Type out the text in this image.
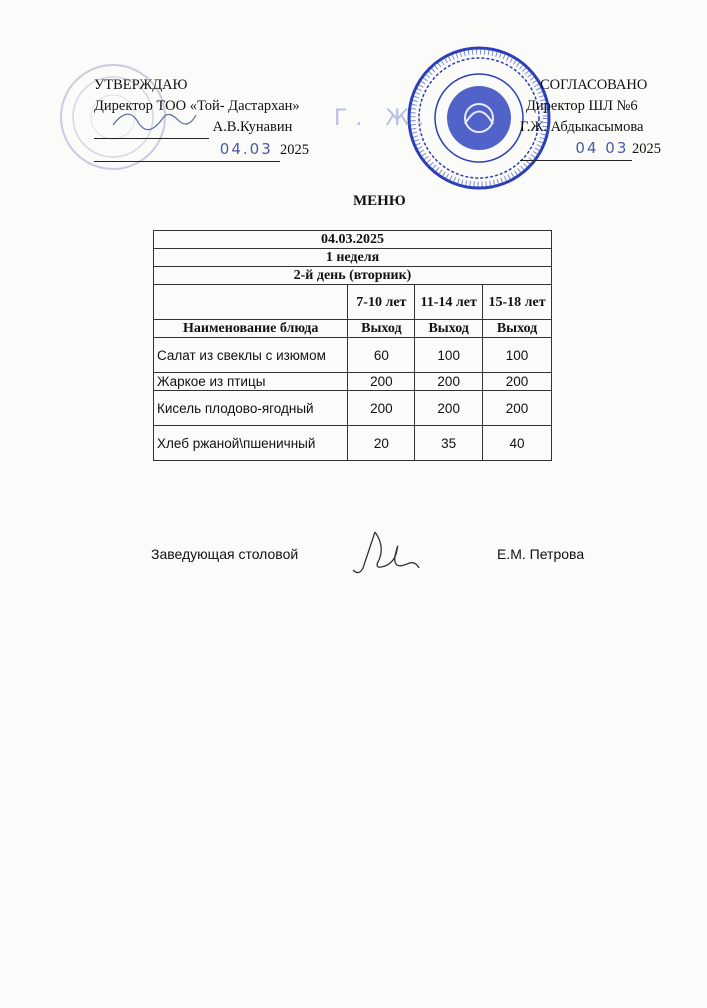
УТВЕРЖДАЮ
Директор ТОО «Той- Дастархан»
А.В.Кунавин
04.03 2025
Г. Ж.
СОГЛАСОВАНО
Директор ШЛ №6
Г.Ж. Абдыкасымова
04 03 2025
МЕНЮ
04.03.2025			
1 неделя			
2-й день (вторник)			
	7-10 лет	11-14 лет	15-18 лет
Наименование блюда	Выход	Выход	Выход
Салат из свеклы с изюмом	60	100	100
Жаркое из птицы	200	200	200
Кисель плодово-ягодный	200	200	200
Хлеб ржаной\пшеничный	20	35	40
Заведующая столовой	Е.М. Петрова
